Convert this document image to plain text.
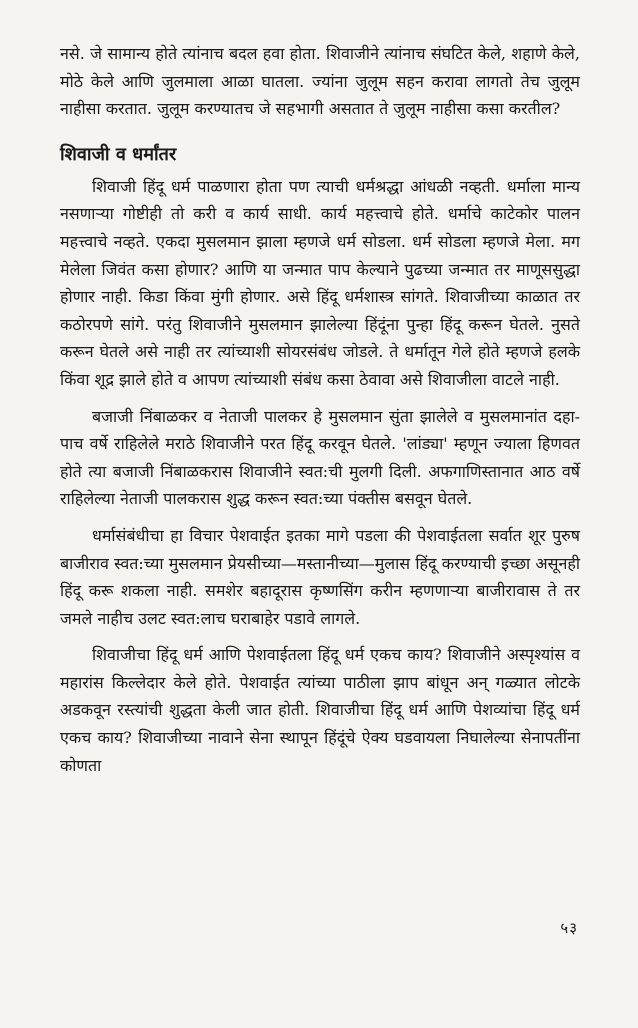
नसे. जे सामान्य होते त्यांनाच बदल हवा होता. शिवाजीने त्यांनाच संघटित केले, शहाणे केले, मोठे केले आणि जुलमाला आळा घातला. ज्यांना जुलूम सहन करावा लागतो तेच जुलूम नाहीसा करतात. जुलूम करण्यातच जे सहभागी असतात ते जुलूम नाहीसा कसा करतील?

शिवाजी व धर्मांतर

शिवाजी हिंदू धर्म पाळणारा होता पण त्याची धर्मश्रद्धा आंधळी नव्हती. धर्माला मान्य नसणाऱ्या गोष्टीही तो करी व कार्य साधी. कार्य महत्त्वाचे होते. धर्माचे काटेकोर पालन महत्त्वाचे नव्हते. एकदा मुसलमान झाला म्हणजे धर्म सोडला. धर्म सोडला म्हणजे मेला. मग मेलेला जिवंत कसा होणार? आणि या जन्मात पाप केल्याने पुढच्या जन्मात तर माणूससुद्धा होणार नाही. किडा किंवा मुंगी होणार. असे हिंदू धर्मशास्त्र सांगते. शिवाजीच्या काळात तर कठोरपणे सांगे. परंतु शिवाजीने मुसलमान झालेल्या हिंदूंना पुन्हा हिंदू करून घेतले. नुसते करून घेतले असे नाही तर त्यांच्याशी सोयरसंबंध जोडले. ते धर्मातून गेले होते म्हणजे हलके किंवा शूद्र झाले होते व आपण त्यांच्याशी संबंध कसा ठेवावा असे शिवाजीला वाटले नाही.

बजाजी निंबाळकर व नेताजी पालकर हे मुसलमान सुंता झालेले व मुसलमानांत दहा-पाच वर्षे राहिलेले मराठे शिवाजीने परत हिंदू करवून घेतले. 'लांड्या' म्हणून ज्याला हिणवत होते त्या बजाजी निंबाळकरास शिवाजीने स्वत:ची मुलगी दिली. अफगाणिस्तानात आठ वर्षे राहिलेल्या नेताजी पालकरास शुद्ध करून स्वत:च्या पंक्तीस बसवून घेतले.

धर्मासंबंधीचा हा विचार पेशवाईत इतका मागे पडला की पेशवाईतला सर्वात शूर पुरुष बाजीराव स्वत:च्या मुसलमान प्रेयसीच्या—मस्तानीच्या—मुलास हिंदू करण्याची इच्छा असूनही हिंदू करू शकला नाही. समशेर बहादूरास कृष्णसिंग करीन म्हणणाऱ्या बाजीरावास ते तर जमले नाहीच उलट स्वत:लाच घराबाहेर पडावे लागले.

शिवाजीचा हिंदू धर्म आणि पेशवाईतला हिंदू धर्म एकच काय? शिवाजीने अस्पृश्यांस व महारांस किल्लेदार केले होते. पेशवाईत त्यांच्या पाठीला झाप बांधून अन् गळ्यात लोटके अडकवून रस्त्यांची शुद्धता केली जात होती. शिवाजीचा हिंदू धर्म आणि पेशव्यांचा हिंदू धर्म एकच काय? शिवाजीच्या नावाने सेना स्थापून हिंदूंचे ऐक्य घडवायला निघालेल्या सेनापतींना कोणता

५३
